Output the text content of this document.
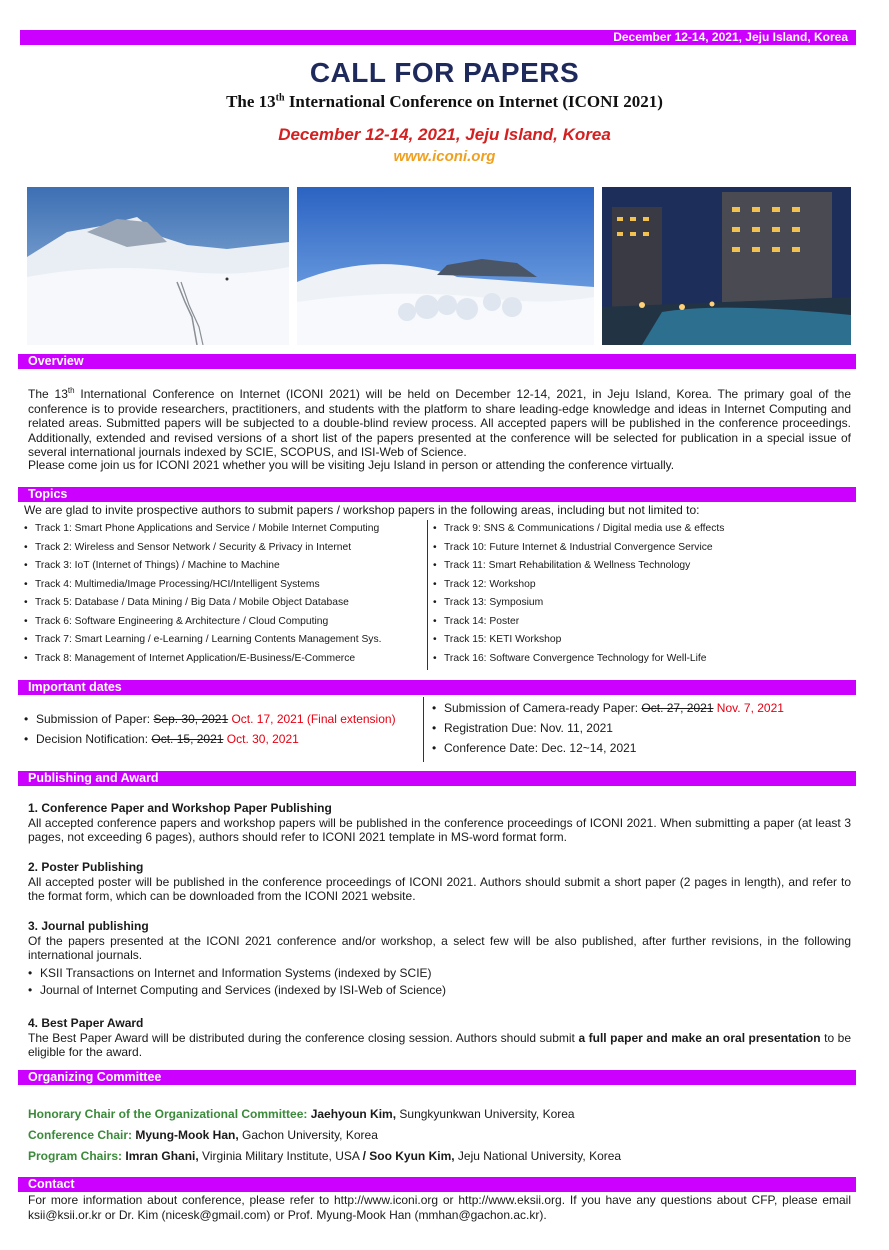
December 12-14, 2021, Jeju Island, Korea
CALL FOR PAPERS
The 13th International Conference on Internet (ICONI 2021)
December 12-14, 2021, Jeju Island, Korea
www.iconi.org
Overview
The 13th International Conference on Internet (ICONI 2021) will be held on December 12-14, 2021, in Jeju Island, Korea. The primary goal of the conference is to provide researchers, practitioners, and students with the platform to share leading-edge knowledge and ideas in Internet Computing and related areas. Submitted papers will be subjected to a double-blind review process. All accepted papers will be published in the conference proceedings. Additionally, extended and revised versions of a short list of the papers presented at the conference will be selected for publication in a special issue of several international journals indexed by SCIE, SCOPUS, and ISI-Web of Science.
Please come join us for ICONI 2021 whether you will be visiting Jeju Island in person or attending the conference virtually.
Topics
We are glad to invite prospective authors to submit papers / workshop papers in the following areas, including but not limited to:
• Track 1: Smart Phone Applications and Service / Mobile Internet Computing
• Track 2: Wireless and Sensor Network / Security & Privacy in Internet
• Track 3: IoT (Internet of Things) / Machine to Machine
• Track 4: Multimedia/Image Processing/HCI/Intelligent Systems
• Track 5: Database / Data Mining / Big Data / Mobile Object Database
• Track 6: Software Engineering & Architecture / Cloud Computing
• Track 7: Smart Learning / e-Learning / Learning Contents Management Sys.
• Track 8: Management of Internet Application/E-Business/E-Commerce
• Track 9: SNS & Communications / Digital media use & effects
• Track 10: Future Internet & Industrial Convergence Service
• Track 11: Smart Rehabilitation & Wellness Technology
• Track 12: Workshop
• Track 13: Symposium
• Track 14: Poster
• Track 15: KETI Workshop
• Track 16: Software Convergence Technology for Well-Life
Important dates
• Submission of Paper: Sep. 30, 2021 Oct. 17, 2021 (Final extension)
• Decision Notification: Oct. 15, 2021 Oct. 30, 2021
• Submission of Camera-ready Paper: Oct. 27, 2021 Nov. 7, 2021
• Registration Due: Nov. 11, 2021
• Conference Date: Dec. 12~14, 2021
Publishing and Award
1. Conference Paper and Workshop Paper Publishing
All accepted conference papers and workshop papers will be published in the conference proceedings of ICONI 2021. When submitting a paper (at least 3 pages, not exceeding 6 pages), authors should refer to ICONI 2021 template in MS-word format form.
2. Poster Publishing
All accepted poster will be published in the conference proceedings of ICONI 2021. Authors should submit a short paper (2 pages in length), and refer to the format form, which can be downloaded from the ICONI 2021 website.
3. Journal publishing
Of the papers presented at the ICONI 2021 conference and/or workshop, a select few will be also published, after further revisions, in the following international journals.
• KSII Transactions on Internet and Information Systems (indexed by SCIE)
• Journal of Internet Computing and Services (indexed by ISI-Web of Science)
4. Best Paper Award
The Best Paper Award will be distributed during the conference closing session. Authors should submit a full paper and make an oral presentation to be eligible for the award.
Organizing Committee
Honorary Chair of the Organizational Committee: Jaehyoun Kim, Sungkyunkwan University, Korea
Conference Chair: Myung-Mook Han, Gachon University, Korea
Program Chairs: Imran Ghani, Virginia Military Institute, USA / Soo Kyun Kim, Jeju National University, Korea
Contact
For more information about conference, please refer to http://www.iconi.org or http://www.eksii.org. If you have any questions about CFP, please email ksii@ksii.or.kr or Dr. Kim (nicesk@gmail.com) or Prof. Myung-Mook Han (mmhan@gachon.ac.kr).
